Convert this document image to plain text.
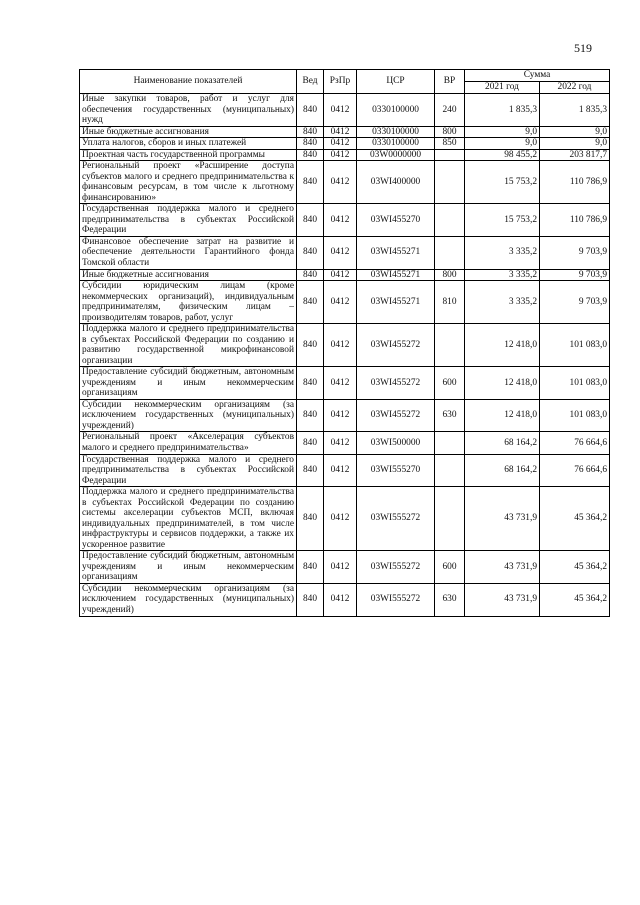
519
Наименование показателей	Вед	РзПр	ЦСР	ВР	Сумма	
					2021 год	2022 год
Иные закупки товаров, работ и услуг для обеспечения государственных (муниципальных) нужд	840	0412	0330100000	240	1 835,3	1 835,3
Иные бюджетные ассигнования	840	0412	0330100000	800	9,0	9,0
Уплата налогов, сборов и иных платежей	840	0412	0330100000	850	9,0	9,0
Проектная часть государственной программы	840	0412	03W0000000		98 455,2	203 817,7
Региональный проект «Расширение доступа субъектов малого и среднего предпринимательства к финансовым ресурсам, в том числе к льготному финансированию»	840	0412	03WI400000		15 753,2	110 786,9
Государственная поддержка малого и среднего предпринимательства в субъектах Российской Федерации	840	0412	03WI455270		15 753,2	110 786,9
Финансовое обеспечение затрат на развитие и обеспечение деятельности Гарантийного фонда Томской области	840	0412	03WI455271		3 335,2	9 703,9
Иные бюджетные ассигнования	840	0412	03WI455271	800	3 335,2	9 703,9
Субсидии юридическим лицам (кроме некоммерческих организаций), индивидуальным предпринимателям, физическим лицам – производителям товаров, работ, услуг	840	0412	03WI455271	810	3 335,2	9 703,9
Поддержка малого и среднего предпринимательства в субъектах Российской Федерации по созданию и развитию государственной микрофинансовой организации	840	0412	03WI455272		12 418,0	101 083,0
Предоставление субсидий бюджетным, автономным учреждениям и иным некоммерческим организациям	840	0412	03WI455272	600	12 418,0	101 083,0
Субсидии некоммерческим организациям (за исключением государственных (муниципальных) учреждений)	840	0412	03WI455272	630	12 418,0	101 083,0
Региональный проект «Акселерация субъектов малого и среднего предпринимательства»	840	0412	03WI500000		68 164,2	76 664,6
Государственная поддержка малого и среднего предпринимательства в субъектах Российской Федерации	840	0412	03WI555270		68 164,2	76 664,6
Поддержка малого и среднего предпринимательства в субъектах Российской Федерации по созданию системы акселерации субъектов МСП, включая индивидуальных предпринимателей, в том числе инфраструктуры и сервисов поддержки, а также их ускоренное развитие	840	0412	03WI555272		43 731,9	45 364,2
Предоставление субсидий бюджетным, автономным учреждениям и иным некоммерческим организациям	840	0412	03WI555272	600	43 731,9	45 364,2
Субсидии некоммерческим организациям (за исключением государственных (муниципальных) учреждений)	840	0412	03WI555272	630	43 731,9	45 364,2
